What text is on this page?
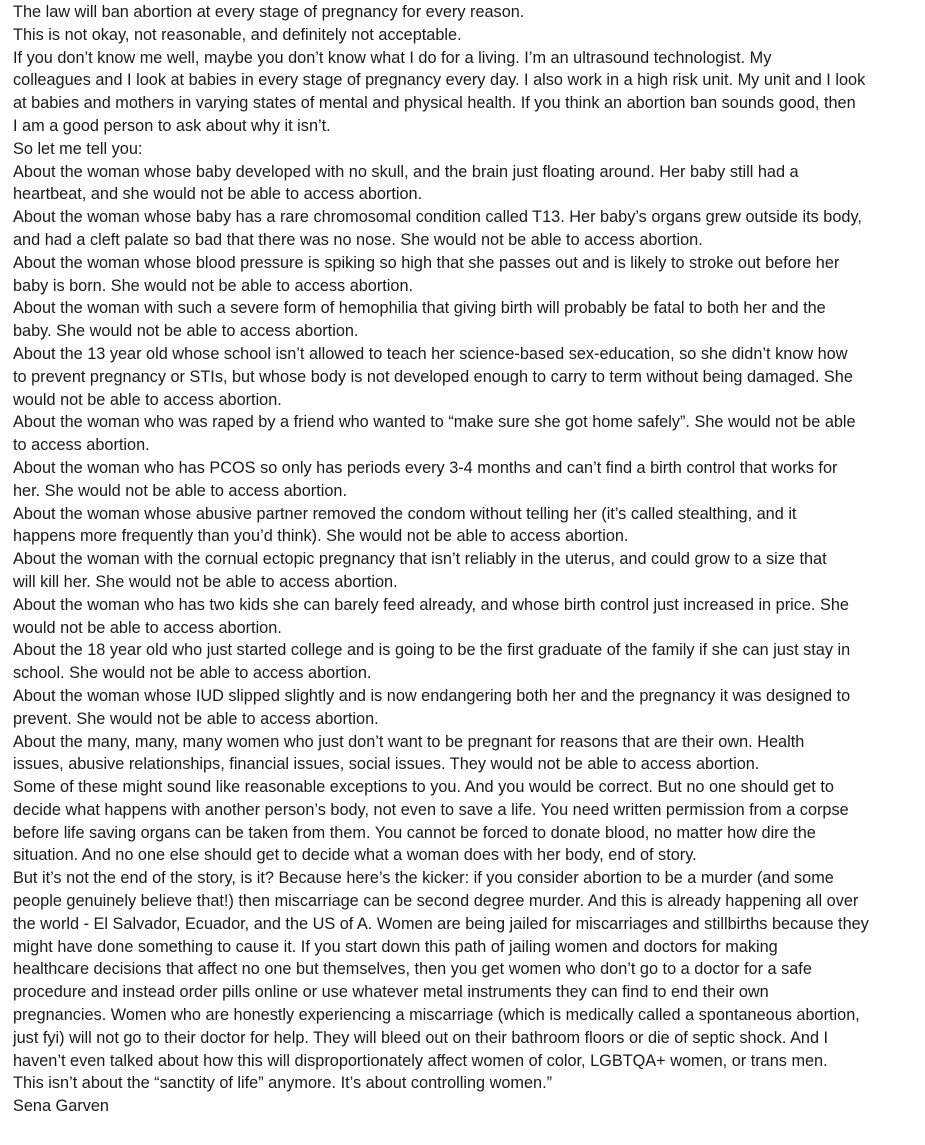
The law will ban abortion at every stage of pregnancy for every reason.
This is not okay, not reasonable, and definitely not acceptable.
If you don’t know me well, maybe you don’t know what I do for a living. I’m an ultrasound technologist. My
colleagues and I look at babies in every stage of pregnancy every day. I also work in a high risk unit. My unit and I look
at babies and mothers in varying states of mental and physical health. If you think an abortion ban sounds good, then
I am a good person to ask about why it isn’t.
So let me tell you:
About the woman whose baby developed with no skull, and the brain just floating around. Her baby still had a
heartbeat, and she would not be able to access abortion.
About the woman whose baby has a rare chromosomal condition called T13. Her baby’s organs grew outside its body,
and had a cleft palate so bad that there was no nose. She would not be able to access abortion.
About the woman whose blood pressure is spiking so high that she passes out and is likely to stroke out before her
baby is born. She would not be able to access abortion.
About the woman with such a severe form of hemophilia that giving birth will probably be fatal to both her and the
baby. She would not be able to access abortion.
About the 13 year old whose school isn’t allowed to teach her science-based sex-education, so she didn’t know how
to prevent pregnancy or STIs, but whose body is not developed enough to carry to term without being damaged. She
would not be able to access abortion.
About the woman who was raped by a friend who wanted to “make sure she got home safely”. She would not be able
to access abortion.
About the woman who has PCOS so only has periods every 3-4 months and can’t find a birth control that works for
her. She would not be able to access abortion.
About the woman whose abusive partner removed the condom without telling her (it’s called stealthing, and it
happens more frequently than you’d think). She would not be able to access abortion.
About the woman with the cornual ectopic pregnancy that isn’t reliably in the uterus, and could grow to a size that
will kill her. She would not be able to access abortion.
About the woman who has two kids she can barely feed already, and whose birth control just increased in price. She
would not be able to access abortion.
About the 18 year old who just started college and is going to be the first graduate of the family if she can just stay in
school. She would not be able to access abortion.
About the woman whose IUD slipped slightly and is now endangering both her and the pregnancy it was designed to
prevent. She would not be able to access abortion.
About the many, many, many women who just don’t want to be pregnant for reasons that are their own. Health
issues, abusive relationships, financial issues, social issues. They would not be able to access abortion.
Some of these might sound like reasonable exceptions to you. And you would be correct. But no one should get to
decide what happens with another person’s body, not even to save a life. You need written permission from a corpse
before life saving organs can be taken from them. You cannot be forced to donate blood, no matter how dire the
situation. And no one else should get to decide what a woman does with her body, end of story.
But it’s not the end of the story, is it? Because here’s the kicker: if you consider abortion to be a murder (and some
people genuinely believe that!) then miscarriage can be second degree murder. And this is already happening all over
the world - El Salvador, Ecuador, and the US of A. Women are being jailed for miscarriages and stillbirths because they
might have done something to cause it. If you start down this path of jailing women and doctors for making
healthcare decisions that affect no one but themselves, then you get women who don’t go to a doctor for a safe
procedure and instead order pills online or use whatever metal instruments they can find to end their own
pregnancies. Women who are honestly experiencing a miscarriage (which is medically called a spontaneous abortion,
just fyi) will not go to their doctor for help. They will bleed out on their bathroom floors or die of septic shock. And I
haven’t even talked about how this will disproportionately affect women of color, LGBTQA+ women, or trans men.
This isn’t about the “sanctity of life” anymore. It’s about controlling women.”
Sena Garven
